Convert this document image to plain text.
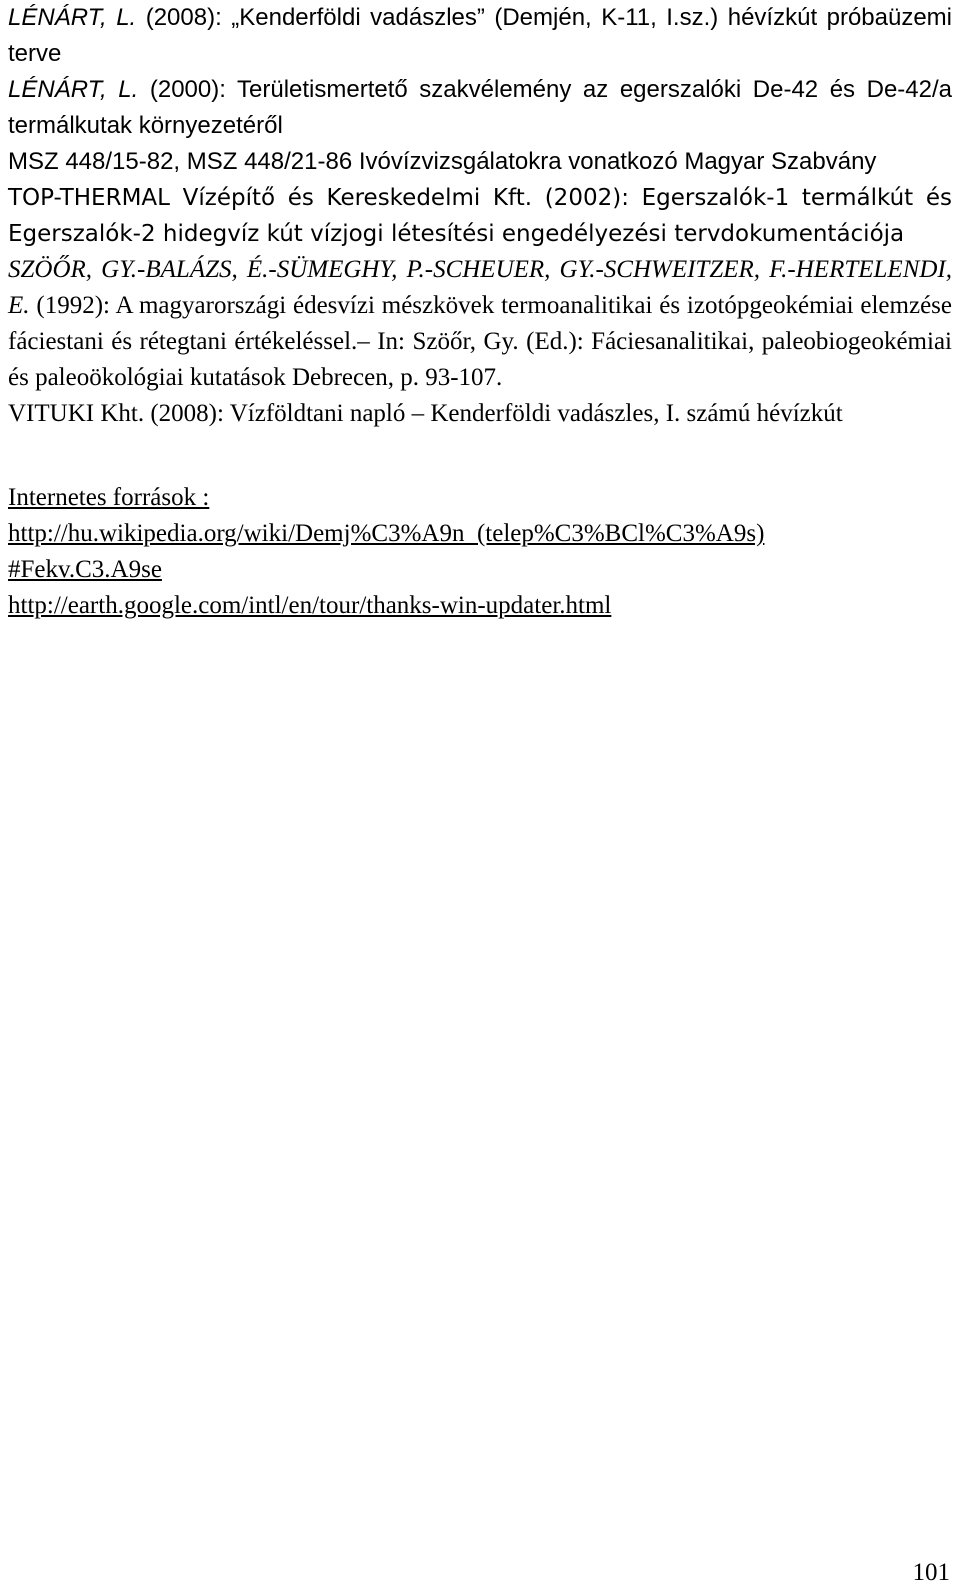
LÉNÁRT, L. (2008): „Kenderföldi vadászles” (Demjén, K-11, I.sz.) hévízkút próbaüzemi terve

LÉNÁRT, L. (2000): Területismertető szakvélemény az egerszalóki De-42 és De-42/a termálkutak környezetéről

MSZ 448/15-82, MSZ 448/21-86 Ivóvízvizsgálatokra vonatkozó Magyar Szabvány

TOP-THERMAL Vízépítő és Kereskedelmi Kft. (2002): Egerszalók-1 termálkút és Egerszalók-2 hidegvíz kút vízjogi létesítési engedélyezési tervdokumentációja

SZÖŐR, GY.-BALÁZS, É.-SÜMEGHY, P.-SCHEUER, GY.-SCHWEITZER, F.-HERTELENDI, E. (1992): A magyarországi édesvízi mészkövek termoanalitikai és izotópgeokémiai elemzése fáciestani és rétegtani értékeléssel.– In: Szöőr, Gy. (Ed.): Fáciesanalitikai, paleobiogeokémiai és paleoökológiai kutatások Debrecen, p. 93-107.

VITUKI Kht. (2008): Vízföldtani napló – Kenderföldi vadászles, I. számú hévízkút

Internetes források :
http://hu.wikipedia.org/wiki/Demj%C3%A9n_(telep%C3%BCl%C3%A9s)
#Fekv.C3.A9se
http://earth.google.com/intl/en/tour/thanks-win-updater.html
101
